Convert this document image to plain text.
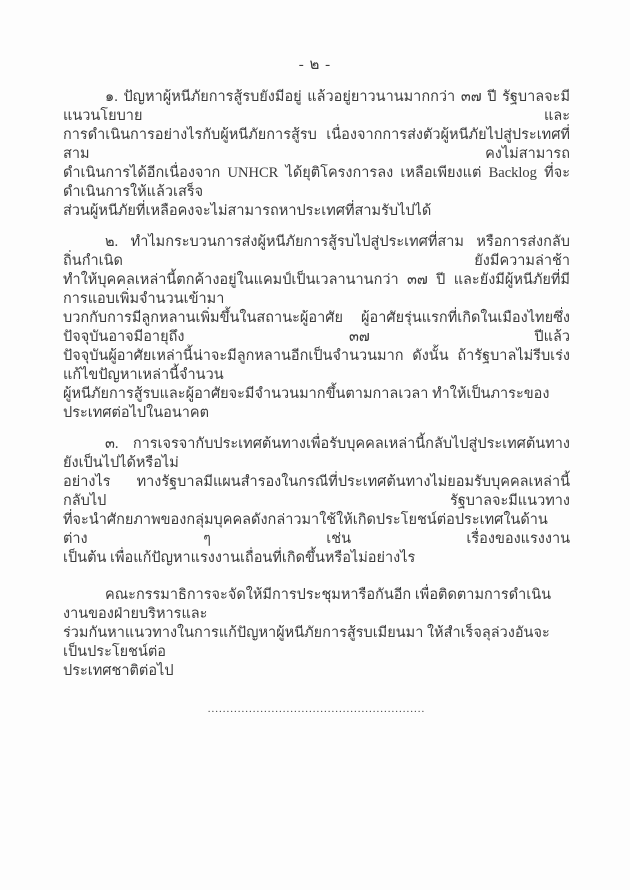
- ๒ -

๑. ปัญหาผู้หนีภัยการสู้รบยังมีอยู่ แล้วอยู่ยาวนานมากกว่า ๓๗ ปี รัฐบาลจะมีแนวนโยบาย และ
การดำเนินการอย่างไรกับผู้หนีภัยการสู้รบ เนื่องจากการส่งตัวผู้หนีภัยไปสู่ประเทศที่สาม คงไม่สามารถ
ดำเนินการได้อีกเนื่องจาก UNHCR ได้ยุติโครงการลง เหลือเพียงแต่ Backlog ที่จะดำเนินการให้แล้วเสร็จ
ส่วนผู้หนีภัยที่เหลือคงจะไม่สามารถหาประเทศที่สามรับไปได้

๒. ทำไมกระบวนการส่งผู้หนีภัยการสู้รบไปสู่ประเทศที่สาม หรือการส่งกลับถิ่นกำเนิด ยังมีความล่าช้า
ทำให้บุคคลเหล่านี้ตกค้างอยู่ในแคมป์เป็นเวลานานกว่า ๓๗ ปี และยังมีผู้หนีภัยที่มีการแอบเพิ่มจำนวนเข้ามา
บวกกับการมีลูกหลานเพิ่มขึ้นในสถานะผู้อาศัย ผู้อาศัยรุ่นแรกที่เกิดในเมืองไทยซึ่งปัจจุบันอาจมีอายุถึง ๓๗ ปีแล้ว
ปัจจุบันผู้อาศัยเหล่านี้น่าจะมีลูกหลานอีกเป็นจำนวนมาก ดังนั้น ถ้ารัฐบาลไม่รีบเร่งแก้ไขปัญหาเหล่านี้จำนวน
ผู้หนีภัยการสู้รบและผู้อาศัยจะมีจำนวนมากขึ้นตามกาลเวลา ทำให้เป็นภาระของประเทศต่อไปในอนาคต

๓. การเจรจากับประเทศต้นทางเพื่อรับบุคคลเหล่านี้กลับไปสู่ประเทศต้นทางยังเป็นไปได้หรือไม่
อย่างไร ทางรัฐบาลมีแผนสำรองในกรณีที่ประเทศต้นทางไม่ยอมรับบุคคลเหล่านี้กลับไป รัฐบาลจะมีแนวทาง
ที่จะนำศักยภาพของกลุ่มบุคคลดังกล่าวมาใช้ให้เกิดประโยชน์ต่อประเทศในด้านต่าง ๆ เช่น เรื่องของแรงงาน
เป็นต้น เพื่อแก้ปัญหาแรงงานเถื่อนที่เกิดขึ้นหรือไม่อย่างไร

คณะกรรมาธิการจะจัดให้มีการประชุมหารือกันอีก เพื่อติดตามการดำเนินงานของฝ่ายบริหารและ
ร่วมกันหาแนวทางในการแก้ปัญหาผู้หนีภัยการสู้รบเมียนมา ให้สำเร็จลุล่วงอันจะเป็นประโยชน์ต่อ
ประเทศชาติต่อไป

..........................................................
